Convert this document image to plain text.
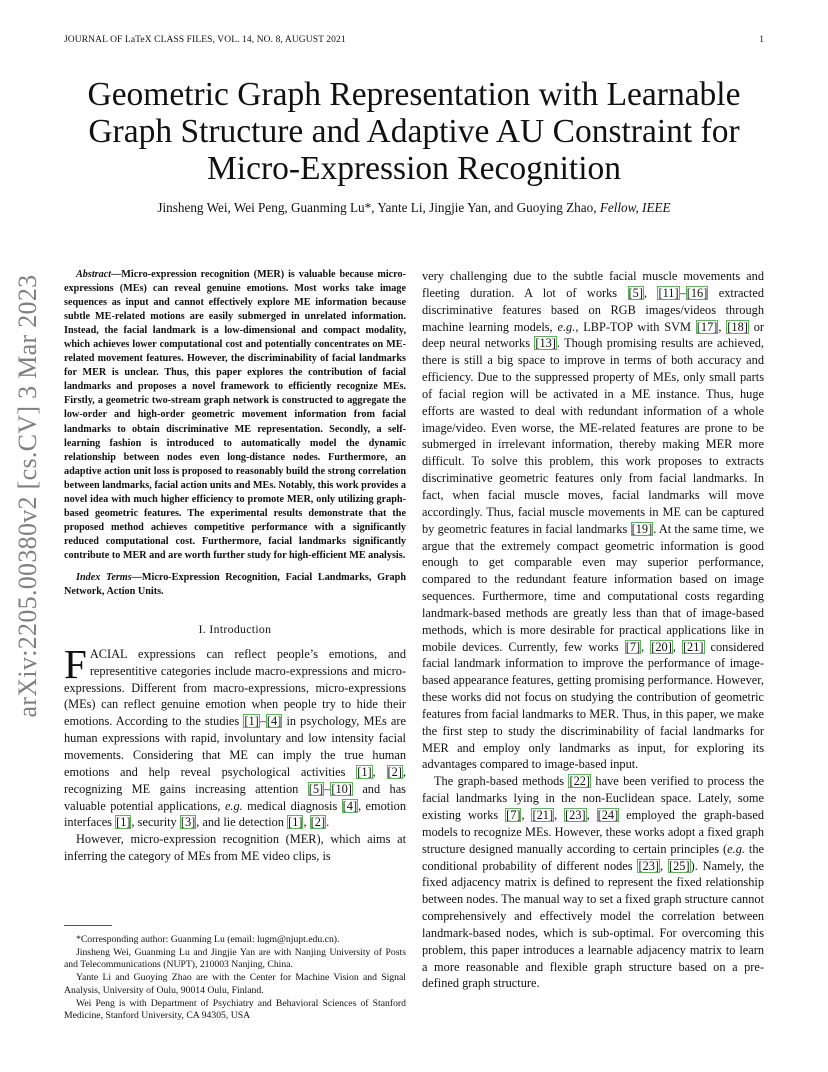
JOURNAL OF LaTeX CLASS FILES, VOL. 14, NO. 8, AUGUST 2021	1
arXiv:2205.00380v2 [cs.CV] 3 Mar 2023
Geometric Graph Representation with Learnable Graph Structure and Adaptive AU Constraint for Micro-Expression Recognition
Jinsheng Wei, Wei Peng, Guanming Lu*, Yante Li, Jingjie Yan, and Guoying Zhao, Fellow, IEEE

Abstract—Micro-expression recognition (MER) is valuable because micro-expressions (MEs) can reveal genuine emotions. Most works take image sequences as input and cannot effectively explore ME information because subtle ME-related motions are easily submerged in unrelated information. Instead, the facial landmark is a low-dimensional and compact modality, which achieves lower computational cost and potentially concentrates on ME-related movement features. However, the discriminability of facial landmarks for MER is unclear. Thus, this paper explores the contribution of facial landmarks and proposes a novel framework to efficiently recognize MEs. Firstly, a geometric two-stream graph network is constructed to aggregate the low-order and high-order geometric movement information from facial landmarks to obtain discriminative ME representation. Secondly, a self-learning fashion is introduced to automatically model the dynamic relationship between nodes even long-distance nodes. Furthermore, an adaptive action unit loss is proposed to reasonably build the strong correlation between landmarks, facial action units and MEs. Notably, this work provides a novel idea with much higher efficiency to promote MER, only utilizing graph-based geometric features. The experimental results demonstrate that the proposed method achieves competitive performance with a significantly reduced computational cost. Furthermore, facial landmarks significantly contribute to MER and are worth further study for high-efficient ME analysis.

Index Terms—Micro-Expression Recognition, Facial Landmarks, Graph Network, Action Units.

I. Introduction

FACIAL expressions can reflect people’s emotions, and representitive categories include macro-expressions and micro-expressions. Different from macro-expressions, micro-expressions (MEs) can reflect genuine emotion when people try to hide their emotions. According to the studies [1]–[4] in psychology, MEs are human expressions with rapid, involuntary and low intensity facial movements. Considering that ME can imply the true human emotions and help reveal psychological activities [1], [2], recognizing ME gains increasing attention [5]–[10] and has valuable potential applications, e.g. medical diagnosis [4], emotion interfaces [1], security [3], and lie detection [1], [2].

However, micro-expression recognition (MER), which aims at inferring the category of MEs from ME video clips, is

*Corresponding author: Guanming Lu (email: lugm@njupt.edu.cn).

Jinsheng Wei, Guanming Lu and Jingjie Yan are with Nanjing University of Posts and Telecommunications (NUPT), 210003 Nanjing, China.

Yante Li and Guoying Zhao are with the Center for Machine Vision and Signal Analysis, University of Oulu, 90014 Oulu, Finland.

Wei Peng is with Department of Psychiatry and Behavioral Sciences of Stanford Medicine, Stanford University, CA 94305, USA

very challenging due to the subtle facial muscle movements and fleeting duration. A lot of works [5], [11]–[16] extracted discriminative features based on RGB images/videos through machine learning models, e.g., LBP-TOP with SVM [17], [18] or deep neural networks [13]. Though promising results are achieved, there is still a big space to improve in terms of both accuracy and efficiency. Due to the suppressed property of MEs, only small parts of facial region will be activated in a ME instance. Thus, huge efforts are wasted to deal with redundant information of a whole image/video. Even worse, the ME-related features are prone to be submerged in irrelevant information, thereby making MER more difficult. To solve this problem, this work proposes to extracts discriminative geometric features only from facial landmarks. In fact, when facial muscle moves, facial landmarks will move accordingly. Thus, facial muscle movements in ME can be captured by geometric features in facial landmarks [19]. At the same time, we argue that the extremely compact geometric information is good enough to get comparable even may superior performance, compared to the redundant feature information based on image sequences. Furthermore, time and computational costs regarding landmark-based methods are greatly less than that of image-based methods, which is more desirable for practical applications like in mobile devices. Currently, few works [7], [20], [21] considered facial landmark information to improve the performance of image-based appearance features, getting promising performance. However, these works did not focus on studying the contribution of geometric features from facial landmarks to MER. Thus, in this paper, we make the first step to study the discriminability of facial landmarks for MER and employ only landmarks as input, for exploring its advantages compared to image-based input.

The graph-based methods [22] have been verified to process the facial landmarks lying in the non-Euclidean space. Lately, some existing works [7], [21], [23], [24] employed the graph-based models to recognize MEs. However, these works adopt a fixed graph structure designed manually according to certain principles (e.g. the conditional probability of different nodes [23], [25]). Namely, the fixed adjacency matrix is defined to represent the fixed relationship between nodes. The manual way to set a fixed graph structure cannot comprehensively and effectively model the correlation between landmark-based nodes, which is sub-optimal. For overcoming this problem, this paper introduces a learnable adjacency matrix to learn a more reasonable and flexible graph structure based on a pre-defined graph structure.
